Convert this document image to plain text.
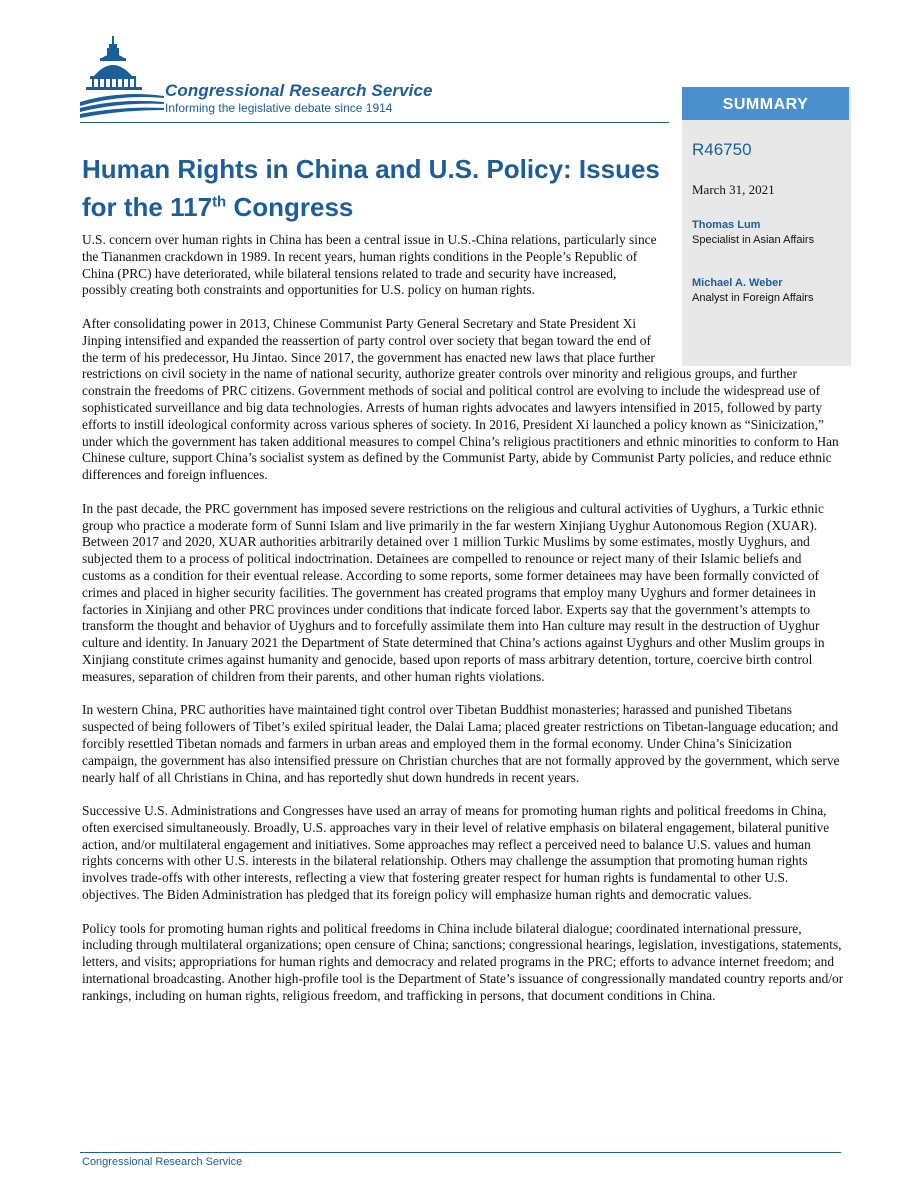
Congressional Research Service
Informing the legislative debate since 1914	SUMMARY
R46750
March 31, 2021
Thomas Lum
Specialist in Asian Affairs
Michael A. Weber
Analyst in Foreign Affairs
Human Rights in China and U.S. Policy: Issues for the 117th Congress

U.S. concern over human rights in China has been a central issue in U.S.-China relations, particularly since the Tiananmen crackdown in 1989. In recent years, human rights conditions in the People’s Republic of China (PRC) have deteriorated, while bilateral tensions related to trade and security have increased, possibly creating both constraints and opportunities for U.S. policy on human rights.

After consolidating power in 2013, Chinese Communist Party General Secretary and State President Xi Jinping intensified and expanded the reassertion of party control over society that began toward the end of the term of his predecessor, Hu Jintao. Since 2017, the government has enacted new laws that place further restrictions on civil society in the name of national security, authorize greater controls over minority and religious groups, and further constrain the freedoms of PRC citizens. Government methods of social and political control are evolving to include the widespread use of sophisticated surveillance and big data technologies. Arrests of human rights advocates and lawyers intensified in 2015, followed by party efforts to instill ideological conformity across various spheres of society. In 2016, President Xi launched a policy known as “Sinicization,” under which the government has taken additional measures to compel China’s religious practitioners and ethnic minorities to conform to Han Chinese culture, support China’s socialist system as defined by the Communist Party, abide by Communist Party policies, and reduce ethnic differences and foreign influences.

In the past decade, the PRC government has imposed severe restrictions on the religious and cultural activities of Uyghurs, a Turkic ethnic group who practice a moderate form of Sunni Islam and live primarily in the far western Xinjiang Uyghur Autonomous Region (XUAR). Between 2017 and 2020, XUAR authorities arbitrarily detained over 1 million Turkic Muslims by some estimates, mostly Uyghurs, and subjected them to a process of political indoctrination. Detainees are compelled to renounce or reject many of their Islamic beliefs and customs as a condition for their eventual release. According to some reports, some former detainees may have been formally convicted of crimes and placed in higher security facilities. The government has created programs that employ many Uyghurs and former detainees in factories in Xinjiang and other PRC provinces under conditions that indicate forced labor. Experts say that the government’s attempts to transform the thought and behavior of Uyghurs and to forcefully assimilate them into Han culture may result in the destruction of Uyghur culture and identity. In January 2021 the Department of State determined that China’s actions against Uyghurs and other Muslim groups in Xinjiang constitute crimes against humanity and genocide, based upon reports of mass arbitrary detention, torture, coercive birth control measures, separation of children from their parents, and other human rights violations.

In western China, PRC authorities have maintained tight control over Tibetan Buddhist monasteries; harassed and punished Tibetans suspected of being followers of Tibet’s exiled spiritual leader, the Dalai Lama; placed greater restrictions on Tibetan-language education; and forcibly resettled Tibetan nomads and farmers in urban areas and employed them in the formal economy. Under China’s Sinicization campaign, the government has also intensified pressure on Christian churches that are not formally approved by the government, which serve nearly half of all Christians in China, and has reportedly shut down hundreds in recent years.

Successive U.S. Administrations and Congresses have used an array of means for promoting human rights and political freedoms in China, often exercised simultaneously. Broadly, U.S. approaches vary in their level of relative emphasis on bilateral engagement, bilateral punitive action, and/or multilateral engagement and initiatives. Some approaches may reflect a perceived need to balance U.S. values and human rights concerns with other U.S. interests in the bilateral relationship. Others may challenge the assumption that promoting human rights involves trade-offs with other interests, reflecting a view that fostering greater respect for human rights is fundamental to other U.S. objectives. The Biden Administration has pledged that its foreign policy will emphasize human rights and democratic values.

Policy tools for promoting human rights and political freedoms in China include bilateral dialogue; coordinated international pressure, including through multilateral organizations; open censure of China; sanctions; congressional hearings, legislation, investigations, statements, letters, and visits; appropriations for human rights and democracy and related programs in the PRC; efforts to advance internet freedom; and international broadcasting. Another high-profile tool is the Department of State’s issuance of congressionally mandated country reports and/or rankings, including on human rights, religious freedom, and trafficking in persons, that document conditions in China.

Congressional Research Service
